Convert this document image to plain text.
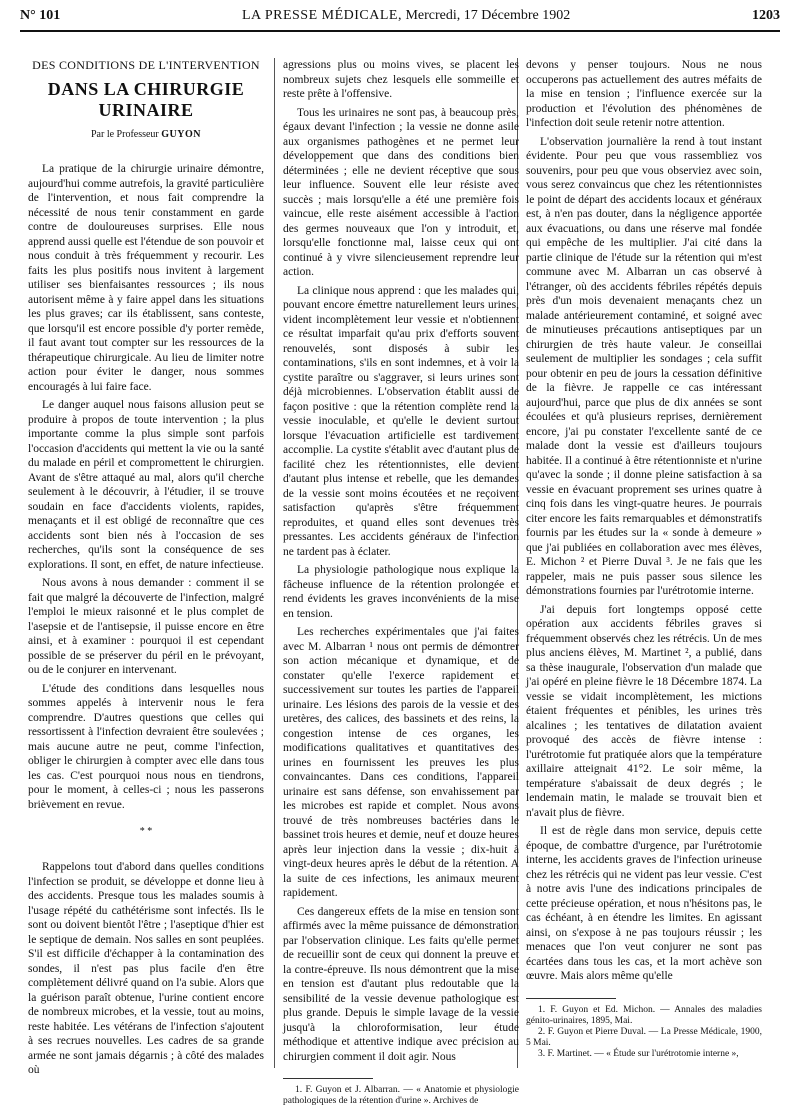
N° 101	LA PRESSE MÉDICALE, Mercredi, 17 Décembre 1902	1203
DES CONDITIONS DE L'INTERVENTION
DANS LA CHIRURGIE URINAIRE
Par le Professeur GUYON

La pratique de la chirurgie urinaire démontre, aujourd'hui comme autrefois, la gravité particulière de l'intervention, et nous fait comprendre la nécessité de nous tenir constamment en garde contre de douloureuses surprises. Elle nous apprend aussi quelle est l'étendue de son pouvoir et nous conduit à très fréquemment y recourir. Les faits les plus positifs nous invitent à largement utiliser ses bienfaisantes ressources ; ils nous autorisent même à y faire appel dans les situations les plus graves; car ils établissent, sans conteste, que lorsqu'il est encore possible d'y porter remède, il faut avant tout compter sur les ressources de la thérapeutique chirurgicale. Au lieu de limiter notre action pour éviter le danger, nous sommes encouragés à lui faire face.

Le danger auquel nous faisons allusion peut se produire à propos de toute intervention ; la plus importante comme la plus simple sont parfois l'occasion d'accidents qui mettent la vie ou la santé du malade en péril et compromettent le chirurgien. Avant de s'être attaqué au mal, alors qu'il cherche seulement à le découvrir, à l'étudier, il se trouve soudain en face d'accidents violents, rapides, menaçants et il est obligé de reconnaître que ces accidents sont bien nés à l'occasion de ses recherches, qu'ils sont la conséquence de ses explorations. Il sont, en effet, de nature infectieuse.

Nous avons à nous demander : comment il se fait que malgré la découverte de l'infection, malgré l'emploi le mieux raisonné et le plus complet de l'asepsie et de l'antisepsie, il puisse encore en être ainsi, et à examiner : pourquoi il est cependant possible de se préserver du péril en le prévoyant, ou de le conjurer en intervenant.

L'étude des conditions dans lesquelles nous sommes appelés à intervenir nous le fera comprendre. D'autres questions que celles qui ressortissent à l'infection devraient être soulevées ; mais aucune autre ne peut, comme l'infection, obliger le chirurgien à compter avec elle dans tous les cas. C'est pourquoi nous nous en tiendrons, pour le moment, à celles-ci ; nous les passerons brièvement en revue.

* *

Rappelons tout d'abord dans quelles conditions l'infection se produit, se développe et donne lieu à des accidents. Presque tous les malades soumis à l'usage répété du cathétérisme sont infectés. Ils le sont ou doivent bientôt l'être ; l'aseptique d'hier est le septique de demain. Nos salles en sont peuplées. S'il est difficile d'échapper à la contamination des sondes, il n'est pas plus facile d'en être complètement délivré quand on l'a subie. Alors que la guérison paraît obtenue, l'urine contient encore de nombreux microbes, et la vessie, tout au moins, reste habitée. Les vétérans de l'infection s'ajoutent à ses recrues nouvelles. Les cadres de sa grande armée ne sont jamais dégarnis ; à côté des malades où

agressions plus ou moins vives, se placent les nombreux sujets chez lesquels elle sommeille et reste prête à l'offensive.

Tous les urinaires ne sont pas, à beaucoup près, égaux devant l'infection ; la vessie ne donne asile aux organismes pathogènes et ne permet leur développement que dans des conditions bien déterminées ; elle ne devient réceptive que sous leur influence. Souvent elle leur résiste avec succès ; mais lorsqu'elle a été une première fois vaincue, elle reste aisément accessible à l'action des germes nouveaux que l'on y introduit, et, lorsqu'elle fonctionne mal, laisse ceux qui ont continué à y vivre silencieusement reprendre leur action.

La clinique nous apprend : que les malades qui, pouvant encore émettre naturellement leurs urines, vident incomplètement leur vessie et n'obtiennent ce résultat imparfait qu'au prix d'efforts souvent renouvelés, sont disposés à subir les contaminations, s'ils en sont indemnes, et à voir la cystite paraître ou s'aggraver, si leurs urines sont déjà microbiennes. L'observation établit aussi de façon positive : que la rétention complète rend la vessie inoculable, et qu'elle le devient surtout lorsque l'évacuation artificielle est tardivement accomplie. La cystite s'établit avec d'autant plus de facilité chez les rétentionnistes, elle devient d'autant plus intense et rebelle, que les demandes de la vessie sont moins écoutées et ne reçoivent satisfaction qu'après s'être fréquemment reproduites, et quand elles sont devenues très pressantes. Les accidents généraux de l'infection ne tardent pas à éclater.

La physiologie pathologique nous explique la fâcheuse influence de la rétention prolongée et rend évidents les graves inconvénients de la mise en tension.

Les recherches expérimentales que j'ai faites avec M. Albarran ¹ nous ont permis de démontrer son action mécanique et dynamique, et de constater qu'elle l'exerce rapidement et successivement sur toutes les parties de l'appareil urinaire. Les lésions des parois de la vessie et des uretères, des calices, des bassinets et des reins, la congestion intense de ces organes, les modifications qualitatives et quantitatives des urines en fournissent les preuves les plus convaincantes. Dans ces conditions, l'appareil urinaire est sans défense, son envahissement par les microbes est rapide et complet. Nous avons trouvé de très nombreuses bactéries dans le bassinet trois heures et demie, neuf et douze heures après leur injection dans la vessie ; dix-huit à vingt-deux heures après le début de la rétention. A la suite de ces infections, les animaux meurent rapidement.

Ces dangereux effets de la mise en tension sont affirmés avec la même puissance de démonstration par l'observation clinique. Les faits qu'elle permet de recueillir sont de ceux qui donnent la preuve et la contre-épreuve. Ils nous démontrent que la mise en tension est d'autant plus redoutable que la sensibilité de la vessie devenue pathologique est plus grande. Depuis le simple lavage de la vessie jusqu'à la chloroformisation, leur étude méthodique et attentive indique avec précision au chirurgien comment il doit agir. Nous

1. F. Guyon et J. Albarran. — « Anatomie et physiologie pathologiques de la rétention d'urine ». Archives de

devons y penser toujours. Nous ne nous occuperons pas actuellement des autres méfaits de la mise en tension ; l'influence exercée sur la production et l'évolution des phénomènes de l'infection doit seule retenir notre attention.

L'observation journalière la rend à tout instant évidente. Pour peu que vous rassembliez vos souvenirs, pour peu que vous observiez avec soin, vous serez convaincus que chez les rétentionnistes le point de départ des accidents locaux et généraux est, à n'en pas douter, dans la négligence apportée aux évacuations, ou dans une réserve mal fondée qui empêche de les multiplier. J'ai cité dans la partie clinique de l'étude sur la rétention qui m'est commune avec M. Albarran un cas observé à l'étranger, où des accidents fébriles répétés depuis près d'un mois devenaient menaçants chez un malade antérieurement contaminé, et soigné avec de minutieuses précautions antiseptiques par un chirurgien de très haute valeur. Je conseillai seulement de multiplier les sondages ; cela suffit pour obtenir en peu de jours la cessation définitive de la fièvre. Je rappelle ce cas intéressant aujourd'hui, parce que plus de dix années se sont écoulées et qu'à plusieurs reprises, dernièrement encore, j'ai pu constater l'excellente santé de ce malade dont la vessie est d'ailleurs toujours habitée. Il a continué à être rétentionniste et n'urine qu'avec la sonde ; il donne pleine satisfaction à sa vessie en évacuant proprement ses urines quatre à cinq fois dans les vingt-quatre heures. Je pourrais citer encore les faits remarquables et démonstratifs fournis par les études sur la « sonde à demeure » que j'ai publiées en collaboration avec mes élèves, E. Michon ² et Pierre Duval ³. Je ne fais que les rappeler, mais ne puis passer sous silence les démonstrations fournies par l'urétrotomie interne.

J'ai depuis fort longtemps opposé cette opération aux accidents fébriles graves si fréquemment observés chez les rétrécis. Un de mes plus anciens élèves, M. Martinet ², a publié, dans sa thèse inaugurale, l'observation d'un malade que j'ai opéré en pleine fièvre le 18 Décembre 1874. La vessie se vidait incomplètement, les mictions étaient fréquentes et pénibles, les urines très alcalines ; les tentatives de dilatation avaient provoqué des accès de fièvre intense : l'urétrotomie fut pratiquée alors que la température axillaire atteignait 41°2. Le soir même, la température s'abaissait de deux degrés ; le lendemain matin, le malade se trouvait bien et n'avait plus de fièvre.

Il est de règle dans mon service, depuis cette époque, de combattre d'urgence, par l'urétrotomie interne, les accidents graves de l'infection urineuse chez les rétrécis qui ne vident pas leur vessie. C'est à notre avis l'une des indications principales de cette précieuse opération, et nous n'hésitons pas, le cas échéant, à en étendre les limites. En agissant ainsi, on s'expose à ne pas toujours réussir ; les menaces que l'on veut conjurer ne sont pas écartées dans tous les cas, et la mort achève son œuvre. Mais alors même qu'elle

1. F. Guyon et Ed. Michon. — Annales des maladies génito-urinaires, 1895, Mai.

2. F. Guyon et Pierre Duval. — La Presse Médicale, 1900, 5 Mai.

3. F. Martinet. — « Étude sur l'urétrotomie interne »,
